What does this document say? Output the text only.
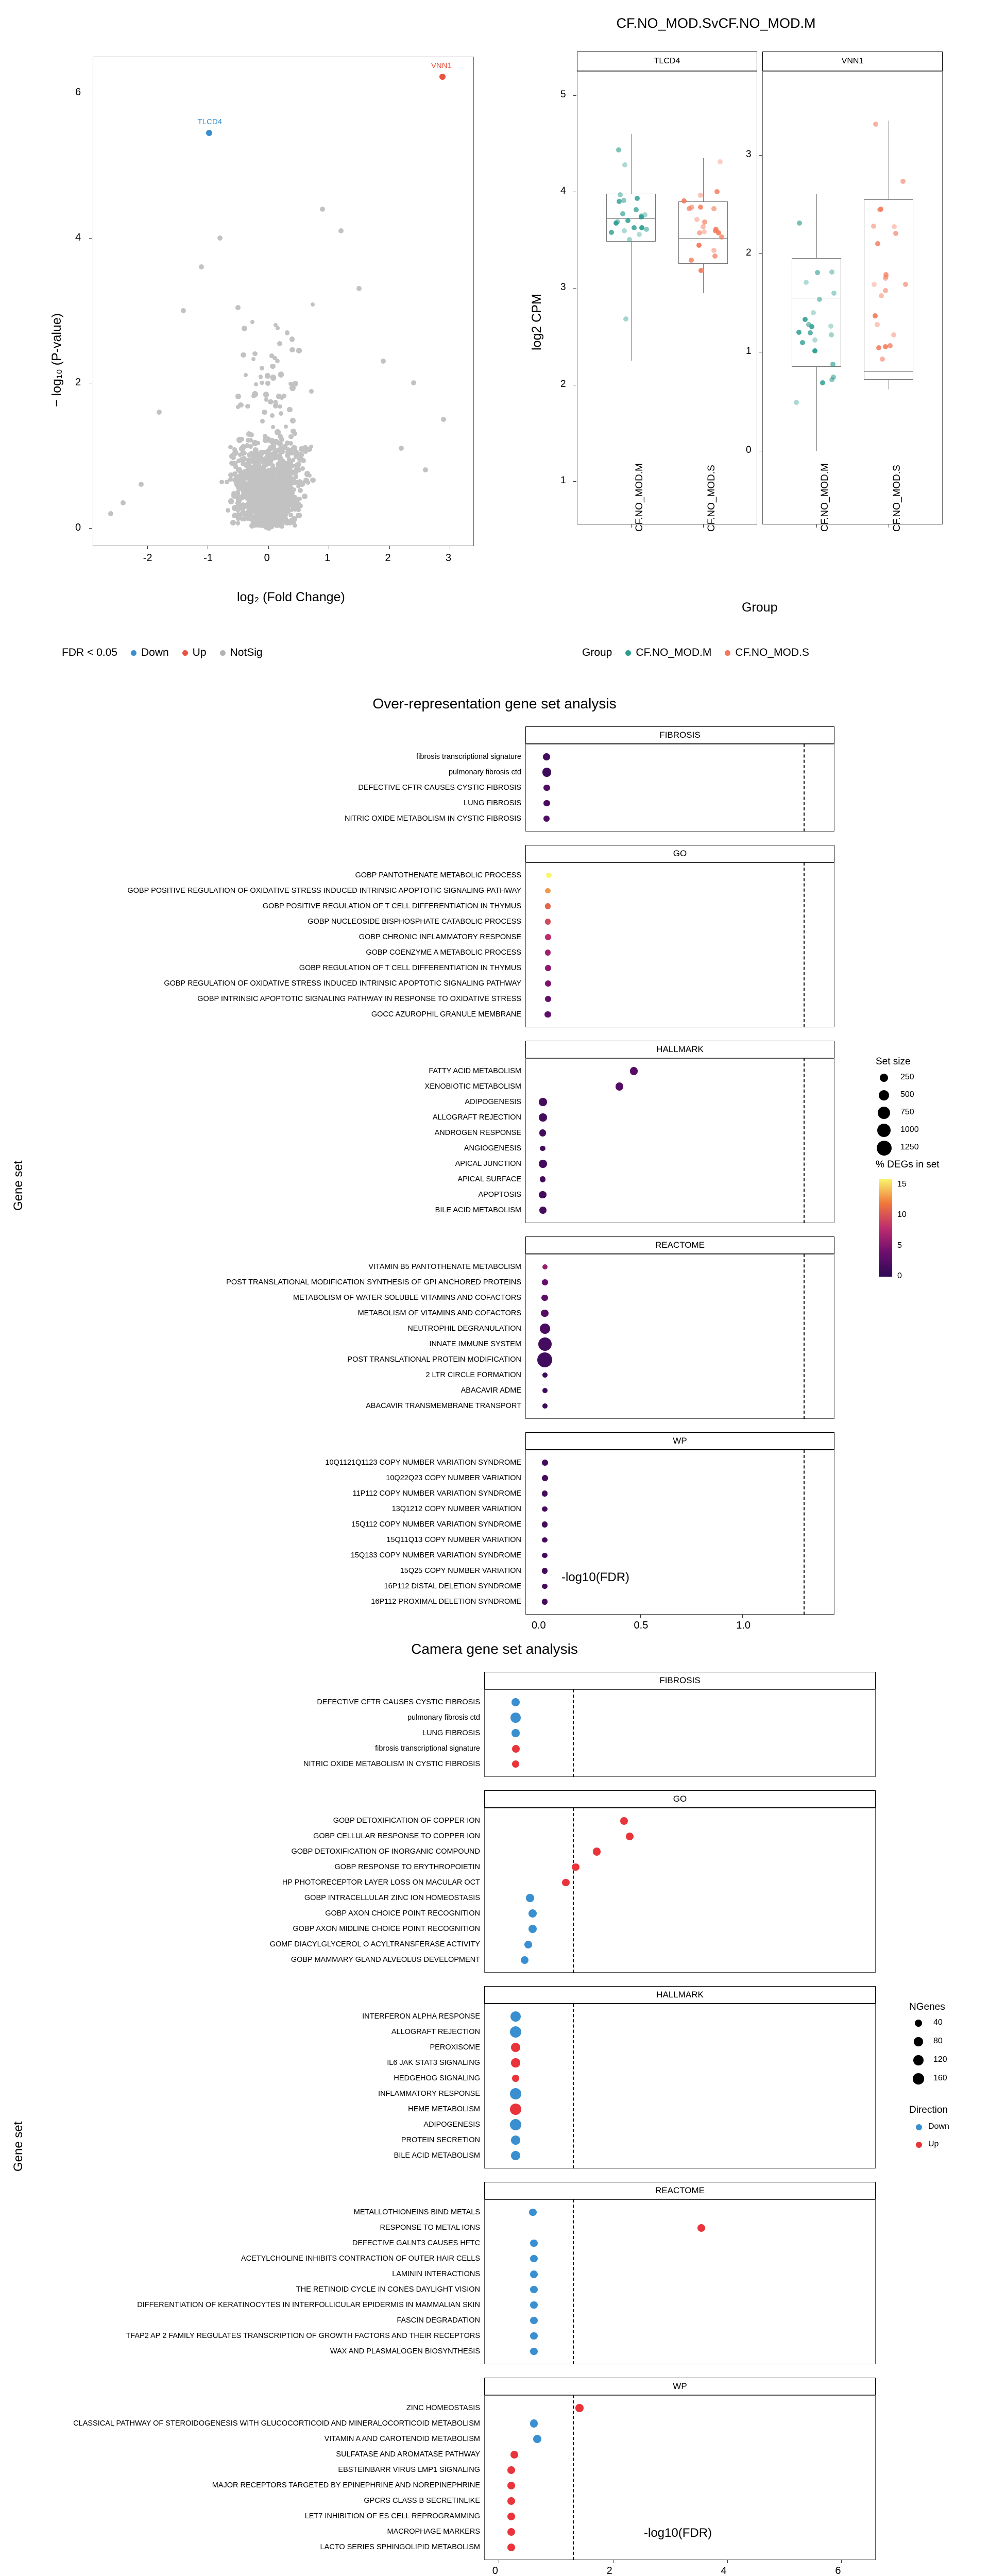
CF.NO_MOD.SvCF.NO_MOD.M
VNN1
TLCD4
0
2
4
6
-2	-1	0	1	2	3
log₂ (Fold Change)
− log₁₀ (P-value)
FDR < 0.05 Down Up NotSig
TLCD4	VNN1
1
2
3
4
5
CF.NO_MOD.M	CF.NO_MOD.S
0
1
2
3
CF.NO_MOD.M	CF.NO_MOD.S
log2 CPM
Group
Group CF.NO_MOD.M CF.NO_MOD.S
Over-representation gene set analysis
FIBROSIS
fibrosis transcriptional signature
pulmonary fibrosis ctd
DEFECTIVE CFTR CAUSES CYSTIC FIBROSIS
LUNG FIBROSIS
NITRIC OXIDE METABOLISM IN CYSTIC FIBROSIS
GO
GOBP PANTOTHENATE METABOLIC PROCESS
GOBP POSITIVE REGULATION OF OXIDATIVE STRESS INDUCED INTRINSIC APOPTOTIC SIGNALING PATHWAY
GOBP POSITIVE REGULATION OF T CELL DIFFERENTIATION IN THYMUS
GOBP NUCLEOSIDE BISPHOSPHATE CATABOLIC PROCESS
GOBP CHRONIC INFLAMMATORY RESPONSE
GOBP COENZYME A METABOLIC PROCESS
GOBP REGULATION OF T CELL DIFFERENTIATION IN THYMUS
GOBP REGULATION OF OXIDATIVE STRESS INDUCED INTRINSIC APOPTOTIC SIGNALING PATHWAY
GOBP INTRINSIC APOPTOTIC SIGNALING PATHWAY IN RESPONSE TO OXIDATIVE STRESS
GOCC AZUROPHIL GRANULE MEMBRANE
HALLMARK
FATTY ACID METABOLISM
XENOBIOTIC METABOLISM
ADIPOGENESIS
ALLOGRAFT REJECTION
ANDROGEN RESPONSE
ANGIOGENESIS
APICAL JUNCTION
APICAL SURFACE
APOPTOSIS
BILE ACID METABOLISM
REACTOME
VITAMIN B5 PANTOTHENATE METABOLISM
POST TRANSLATIONAL MODIFICATION SYNTHESIS OF GPI ANCHORED PROTEINS
METABOLISM OF WATER SOLUBLE VITAMINS AND COFACTORS
METABOLISM OF VITAMINS AND COFACTORS
NEUTROPHIL DEGRANULATION
INNATE IMMUNE SYSTEM
POST TRANSLATIONAL PROTEIN MODIFICATION
2 LTR CIRCLE FORMATION
ABACAVIR ADME
ABACAVIR TRANSMEMBRANE TRANSPORT
WP
10Q1121Q1123 COPY NUMBER VARIATION SYNDROME
10Q22Q23 COPY NUMBER VARIATION
11P112 COPY NUMBER VARIATION SYNDROME
13Q1212 COPY NUMBER VARIATION
15Q112 COPY NUMBER VARIATION SYNDROME
15Q11Q13 COPY NUMBER VARIATION
15Q133 COPY NUMBER VARIATION SYNDROME
15Q25 COPY NUMBER VARIATION
16P112 DISTAL DELETION SYNDROME
16P112 PROXIMAL DELETION SYNDROME
0.0	0.5	1.0
Set size
250
500
750
1000
1250
% DEGs in set
0
5
10
15
Gene set
-log10(FDR)
Camera gene set analysis
FIBROSIS
DEFECTIVE CFTR CAUSES CYSTIC FIBROSIS
pulmonary fibrosis ctd
LUNG FIBROSIS
fibrosis transcriptional signature
NITRIC OXIDE METABOLISM IN CYSTIC FIBROSIS
GO
GOBP DETOXIFICATION OF COPPER ION
GOBP CELLULAR RESPONSE TO COPPER ION
GOBP DETOXIFICATION OF INORGANIC COMPOUND
GOBP RESPONSE TO ERYTHROPOIETIN
HP PHOTORECEPTOR LAYER LOSS ON MACULAR OCT
GOBP INTRACELLULAR ZINC ION HOMEOSTASIS
GOBP AXON CHOICE POINT RECOGNITION
GOBP AXON MIDLINE CHOICE POINT RECOGNITION
GOMF DIACYLGLYCEROL O ACYLTRANSFERASE ACTIVITY
GOBP MAMMARY GLAND ALVEOLUS DEVELOPMENT
HALLMARK
INTERFERON ALPHA RESPONSE
ALLOGRAFT REJECTION
PEROXISOME
IL6 JAK STAT3 SIGNALING
HEDGEHOG SIGNALING
INFLAMMATORY RESPONSE
HEME METABOLISM
ADIPOGENESIS
PROTEIN SECRETION
BILE ACID METABOLISM
REACTOME
METALLOTHIONEINS BIND METALS
RESPONSE TO METAL IONS
DEFECTIVE GALNT3 CAUSES HFTC
ACETYLCHOLINE INHIBITS CONTRACTION OF OUTER HAIR CELLS
LAMININ INTERACTIONS
THE RETINOID CYCLE IN CONES DAYLIGHT VISION
DIFFERENTIATION OF KERATINOCYTES IN INTERFOLLICULAR EPIDERMIS IN MAMMALIAN SKIN
FASCIN DEGRADATION
TFAP2 AP 2 FAMILY REGULATES TRANSCRIPTION OF GROWTH FACTORS AND THEIR RECEPTORS
WAX AND PLASMALOGEN BIOSYNTHESIS
WP
ZINC HOMEOSTASIS
CLASSICAL PATHWAY OF STEROIDOGENESIS WITH GLUCOCORTICOID AND MINERALOCORTICOID METABOLISM
VITAMIN A AND CAROTENOID METABOLISM
SULFATASE AND AROMATASE PATHWAY
EBSTEINBARR VIRUS LMP1 SIGNALING
MAJOR RECEPTORS TARGETED BY EPINEPHRINE AND NOREPINEPHRINE
GPCRS CLASS B SECRETINLIKE
LET7 INHIBITION OF ES CELL REPROGRAMMING
MACROPHAGE MARKERS
LACTO SERIES SPHINGOLIPID METABOLISM
0	2	4	6
NGenes
40
80
120
160
Direction
Down
Up
Gene set
-log10(FDR)
